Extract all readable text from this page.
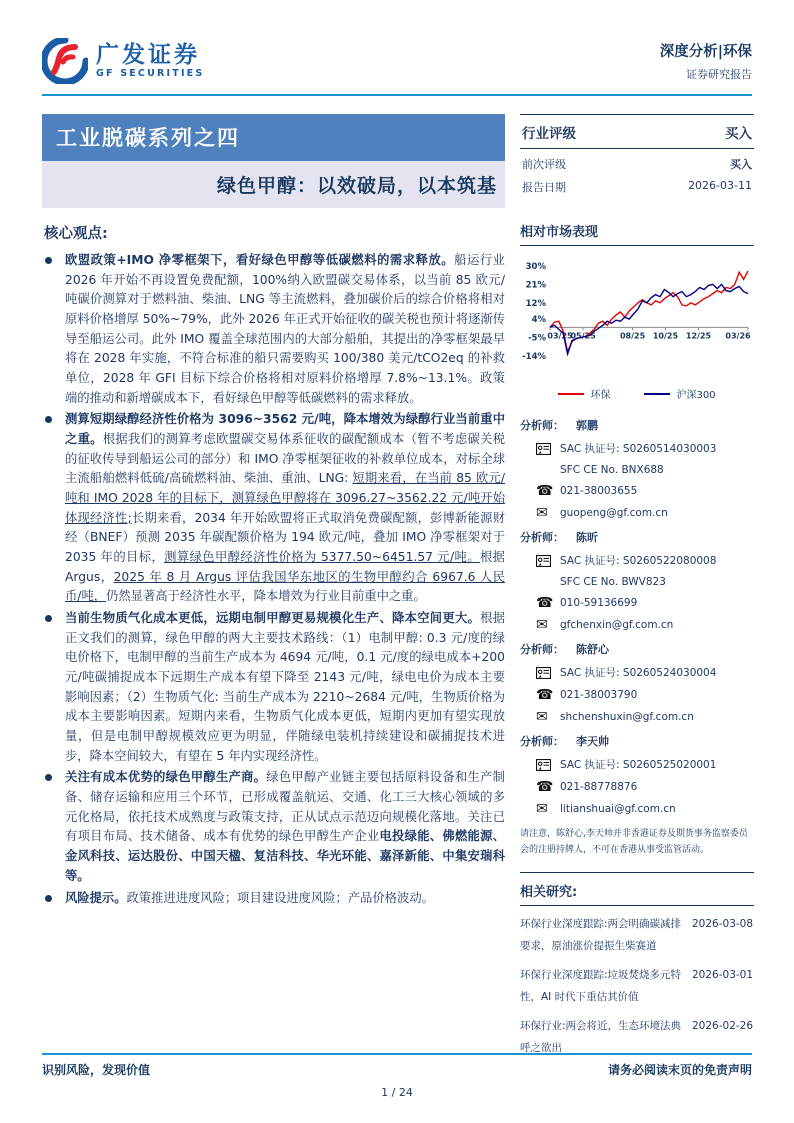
广发证券
GF SECURITIES
深度分析|环保
证券研究报告
工业脱碳系列之四
绿色甲醇：以效破局，以本筑基
核心观点:
欧盟政策+IMO 净零框架下，看好绿色甲醇等低碳燃料的需求释放。船运行业 2026 年开始不再设置免费配额，100%纳入欧盟碳交易体系，以当前 85 欧元/吨碳价测算对于燃料油、柴油、LNG 等主流燃料，叠加碳价后的综合价格将相对原料价格增厚 50%~79%，此外 2026 年正式开始征收的碳关税也预计将逐渐传导至船运公司。此外 IMO 覆盖全球范围内的大部分船舶，其提出的净零框架最早将在 2028 年实施，不符合标准的船只需要购买 100/380 美元/tCO2eq 的补救单位，2028 年 GFI 目标下综合价格将相对原料价格增厚 7.8%~13.1%。政策端的推动和新增碳成本下，看好绿色甲醇等低碳燃料的需求释放。
测算短期绿醇经济性价格为 3096~3562 元/吨，降本增效为绿醇行业当前重中之重。根据我们的测算考虑欧盟碳交易体系征收的碳配额成本（暂不考虑碳关税的征收传导到船运公司的部分）和 IMO 净零框架征收的补救单位成本，对标全球主流船舶燃料低硫/高硫燃料油、柴油、重油、LNG: 短期来看，在当前 85 欧元/吨和 IMO 2028 年的目标下，测算绿色甲醇将在 3096.27~3562.22 元/吨开始体现经济性;长期来看，2034 年开始欧盟将正式取消免费碳配额，彭博新能源财经（BNEF）预测 2035 年碳配额价格为 194 欧元/吨，叠加 IMO 净零框架对于 2035 年的目标，测算绿色甲醇经济性价格为 5377.50~6451.57 元/吨。根据 Argus，2025 年 8 月 Argus 评估我国华东地区的生物甲醇约合 6967.6 人民币/吨，仍然显著高于经济性水平，降本增效为行业目前重中之重。
当前生物质气化成本更低，远期电制甲醇更易规模化生产、降本空间更大。根据正文我们的测算，绿色甲醇的两大主要技术路线：（1）电制甲醇: 0.3 元/度的绿电价格下，电制甲醇的当前生产成本为 4694 元/吨，0.1 元/度的绿电成本+200 元/吨碳捕捉成本下远期生产成本有望下降至 2143 元/吨，绿电电价为成本主要影响因素；（2）生物质气化: 当前生产成本为 2210~2684 元/吨，生物质价格为成本主要影响因素。短期内来看，生物质气化成本更低，短期内更加有望实现放量，但是电制甲醇规模效应更为明显，伴随绿电装机持续建设和碳捕捉技术进步，降本空间较大，有望在 5 年内实现经济性。
关注有成本优势的绿色甲醇生产商。绿色甲醇产业链主要包括原料设备和生产制备、储存运输和应用三个环节，已形成覆盖航运、交通、化工三大核心领域的多元化格局，依托技术成熟度与政策支持，正从试点示范迈向规模化落地。关注已有项目布局、技术储备、成本有优势的绿色甲醇生产企业电投绿能、佛燃能源、金风科技、运达股份、中国天楹、复洁科技、华光环能、嘉泽新能、中集安瑞科等。
风险提示。政策推进进度风险；项目建设进度风险；产品价格波动。
行业评级	买入
前次评级	买入
报告日期	2026-03-11
相对市场表现
30%
21%
12%
4%
-5%
-14%
03/25
05/25	08/25 10/25 12/25 03/26
环保	沪深300
分析师：	郭鹏
SAC 执证号: S0260514030003
SFC CE No. BNX688
☎ 021-38003655
✉	guopeng@gf.com.cn
分析师：	陈昕
SAC 执证号: S0260522080008
SFC CE No. BWV823
☎ 010-59136699
✉	gfchenxin@gf.com.cn
分析师：	陈舒心
SAC 执证号: S0260524030004
☎ 021-38003790
✉	shchenshuxin@gf.com.cn
分析师：	李天帅
SAC 执证号: S0260525020001
☎ 021-88778876
✉	litianshuai@gf.com.cn
请注意，陈舒心,李天帅并非香港证券及期货事务监察委员会的注册持牌人，不可在香港从事受监管活动。
相关研究:
环保行业深度跟踪:两会明确碳减排要求，原油涨价提振生柴赛道
2026-03-08
环保行业深度跟踪:垃圾焚烧多元特性，AI 时代下重估其价值
2026-03-01
环保行业:两会将近，生态环境法典呼之欲出
2026-02-26
识别风险，发现价值	请务必阅读末页的免责声明
1 / 24
